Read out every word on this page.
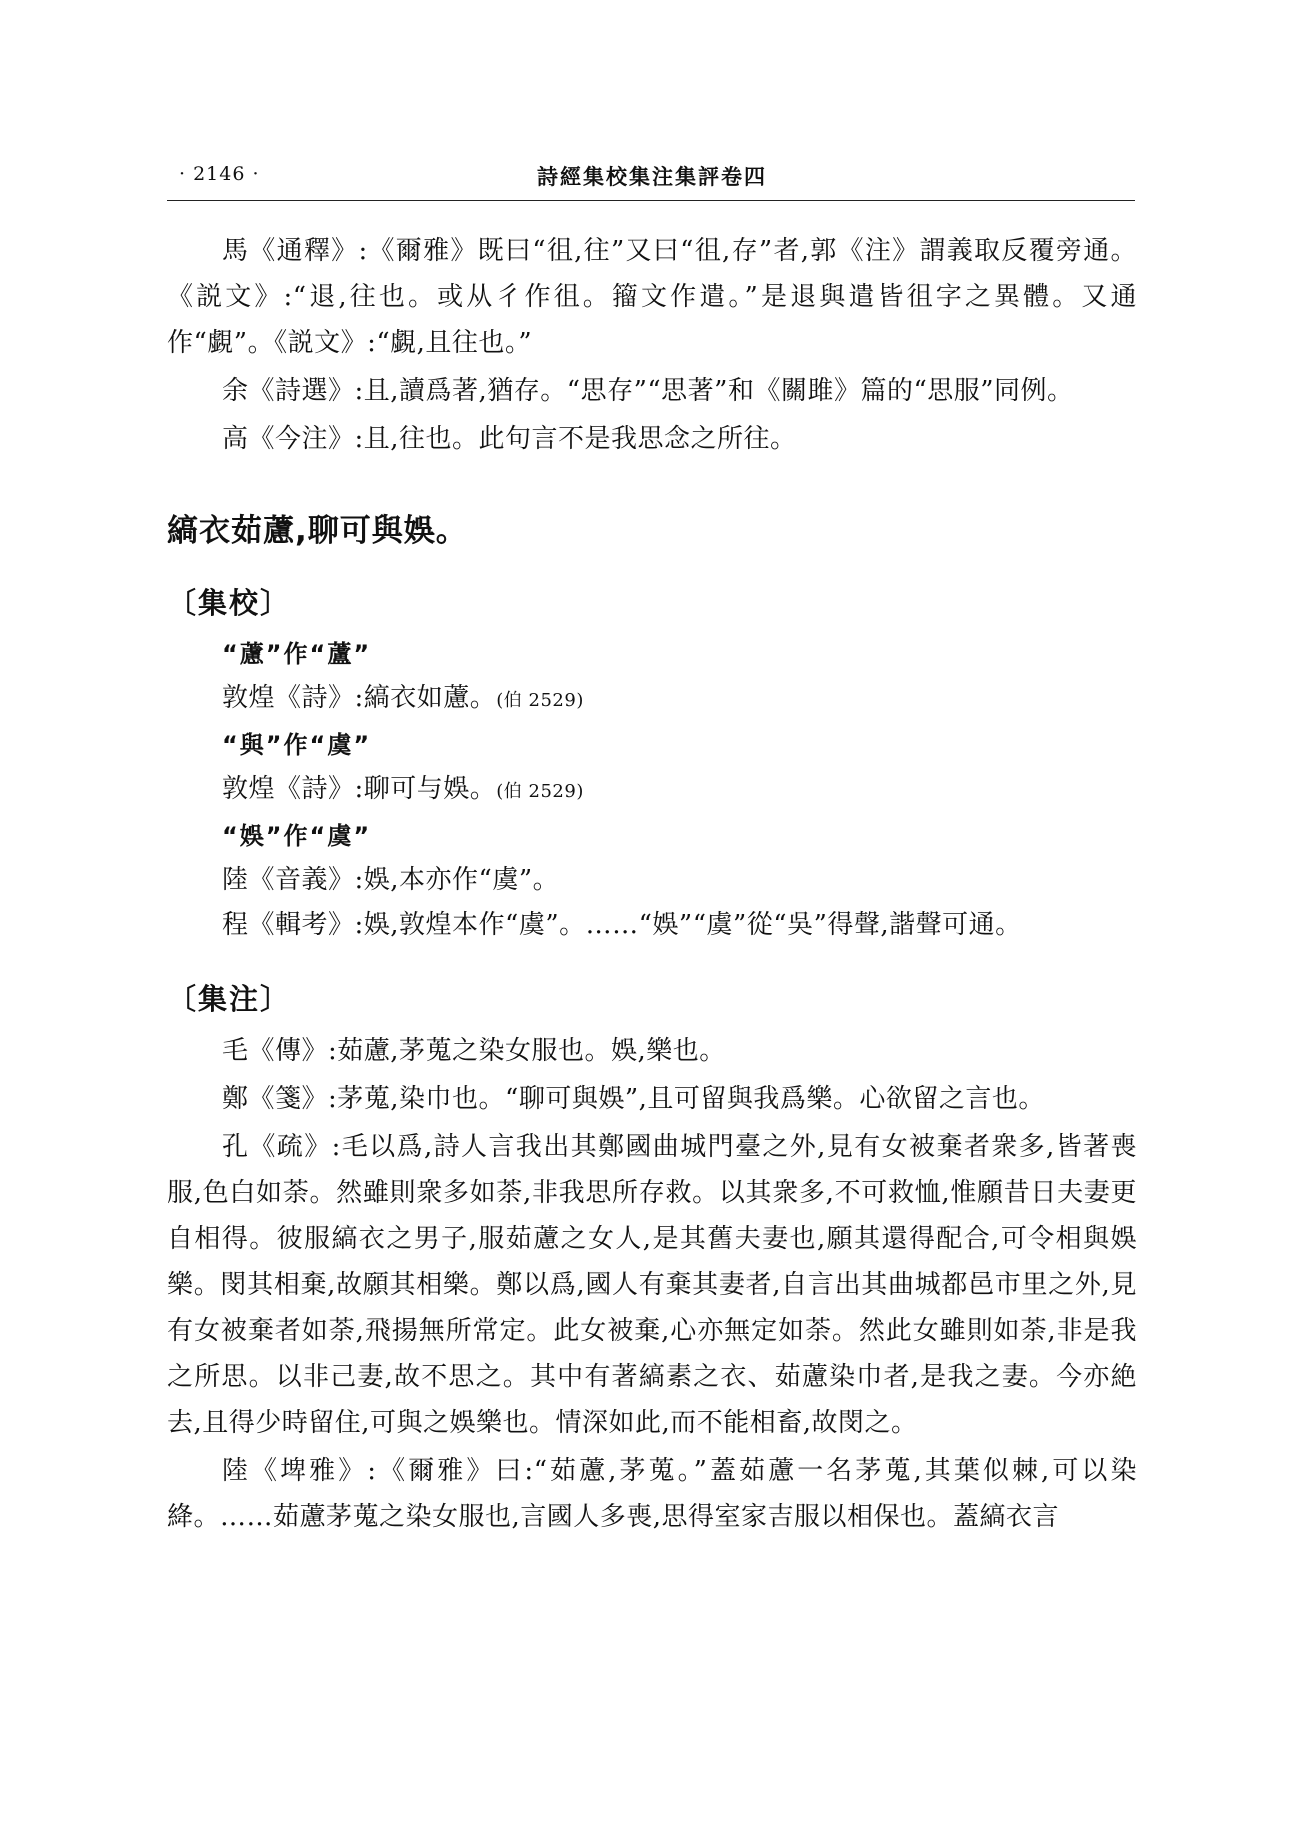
· 2146 ·	詩經集校集注集評卷四

馬《通釋》:《爾雅》既曰“徂,往”又曰“徂,存”者,郭《注》謂義取反覆旁通。《説文》:“退,往也。或从彳作徂。籀文作遣。”是退與遣皆徂字之異體。又通作“覷”。《説文》:“覷,且往也。”

余《詩選》:且,讀爲著,猶存。“思存”“思著”和《關雎》篇的“思服”同例。

高《今注》:且,往也。此句言不是我思念之所往。

縞衣茹藘,聊可與娛。
〔集校〕
“藘”作“蘆”

敦煌《詩》:縞衣如藘。(伯 2529)

“與”作“虞”

敦煌《詩》:聊可与娛。(伯 2529)

“娛”作“虞”

陸《音義》:娛,本亦作“虞”。

程《輯考》:娛,敦煌本作“虞”。……“娛”“虞”從“吳”得聲,諧聲可通。

〔集注〕

毛《傳》:茹藘,茅蒐之染女服也。娛,樂也。

鄭《箋》:茅蒐,染巾也。“聊可與娛”,且可留與我爲樂。心欲留之言也。

孔《疏》:毛以爲,詩人言我出其鄭國曲城門臺之外,見有女被棄者衆多,皆著喪服,色白如荼。然雖則衆多如荼,非我思所存救。以其衆多,不可救恤,惟願昔日夫妻更自相得。彼服縞衣之男子,服茹藘之女人,是其舊夫妻也,願其還得配合,可令相與娛樂。閔其相棄,故願其相樂。鄭以爲,國人有棄其妻者,自言出其曲城都邑市里之外,見有女被棄者如荼,飛揚無所常定。此女被棄,心亦無定如荼。然此女雖則如荼,非是我之所思。以非己妻,故不思之。其中有著縞素之衣、茹藘染巾者,是我之妻。今亦絶去,且得少時留住,可與之娛樂也。情深如此,而不能相畜,故閔之。

陸《埤雅》:《爾雅》曰:“茹藘,茅蒐。”蓋茹藘一名茅蒐,其葉似棘,可以染絳。……茹藘茅蒐之染女服也,言國人多喪,思得室家吉服以相保也。蓋縞衣言
